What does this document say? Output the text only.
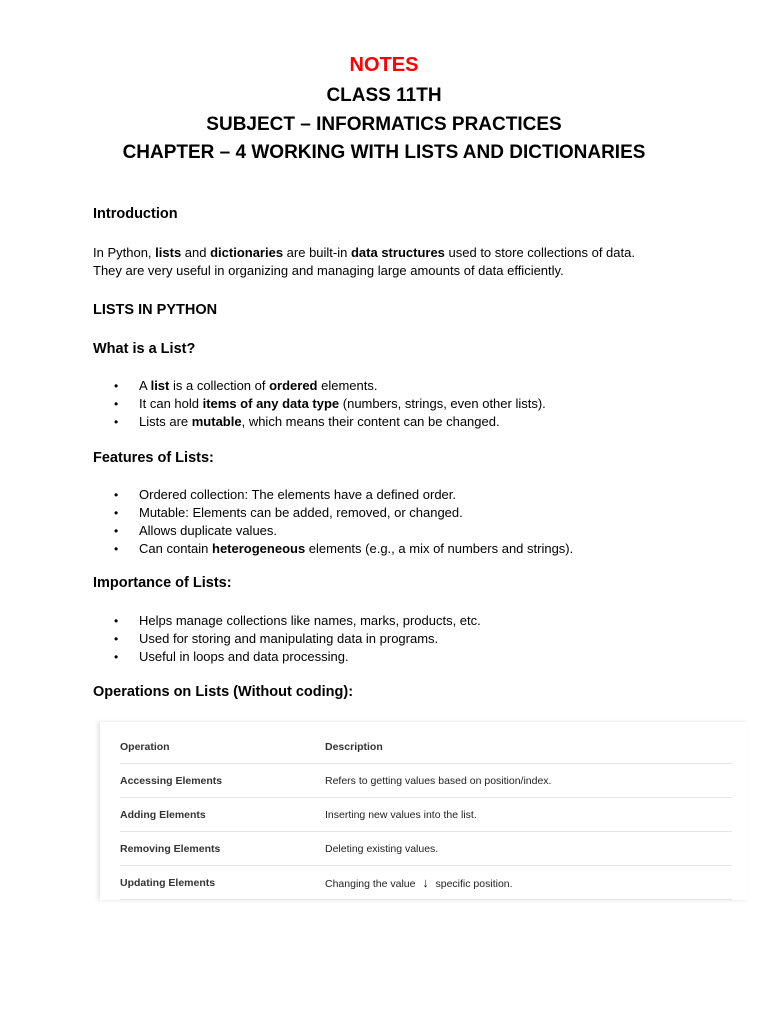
NOTES
CLASS 11TH
SUBJECT – INFORMATICS PRACTICES
CHAPTER – 4 WORKING WITH LISTS AND DICTIONARIES
Introduction
In Python, lists and dictionaries are built-in data structures used to store collections of data.
They are very useful in organizing and managing large amounts of data efficiently.
LISTS IN PYTHON
What is a List?
• A list is a collection of ordered elements.
• It can hold items of any data type (numbers, strings, even other lists).
• Lists are mutable, which means their content can be changed.
Features of Lists:
• Ordered collection: The elements have a defined order.
• Mutable: Elements can be added, removed, or changed.
• Allows duplicate values.
• Can contain heterogeneous elements (e.g., a mix of numbers and strings).
Importance of Lists:
• Helps manage collections like names, marks, products, etc.
• Used for storing and manipulating data in programs.
• Useful in loops and data processing.
Operations on Lists (Without coding):
Operation	Description
Accessing Elements	Refers to getting values based on position/index.
Adding Elements	Inserting new values into the list.
Removing Elements	Deleting existing values.
Updating Elements	Changing the value ↓ specific position.
